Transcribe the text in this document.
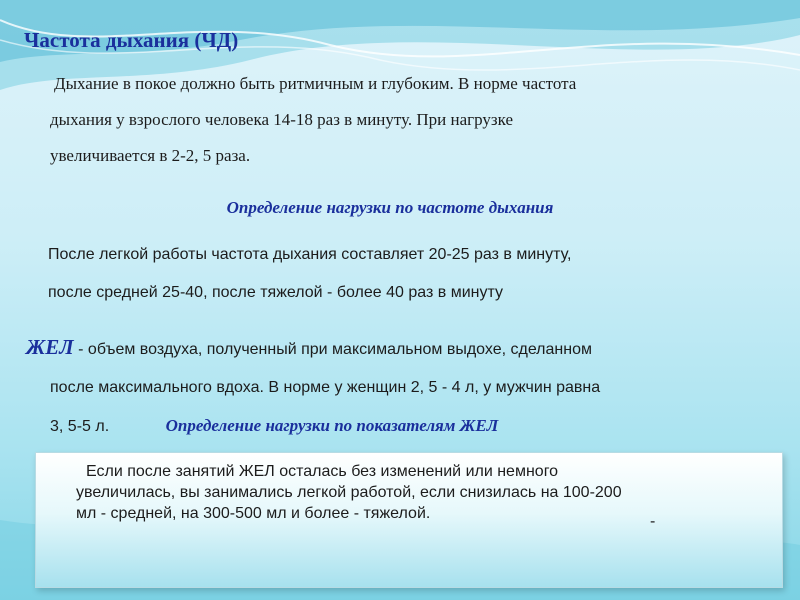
Частота дыхания (ЧД)
Дыхание в покое должно быть ритмичным и глубоким. В норме частота
дыхания у взрослого человека 14-18 раз в минуту. При нагрузке
увеличивается в 2-2, 5 раза.
Определение нагрузки по частоте дыхания
После легкой работы частота дыхания составляет 20-25 раз в минуту,
после средней 25-40, после тяжелой - более 40 раз в минуту
ЖЕЛ - объем воздуха, полученный при максимальном выдохе, сделанном
после максимального вдоха. В норме у женщин 2, 5 - 4 л, у мужчин равна
3, 5-5 л.	Определение нагрузки по показателям ЖЕЛ
Если после занятий ЖЕЛ осталась без изменений или немного
увеличилась, вы занимались легкой работой, если снизилась на 100-200
мл - средней, на 300-500 мл и более - тяжелой.	-
